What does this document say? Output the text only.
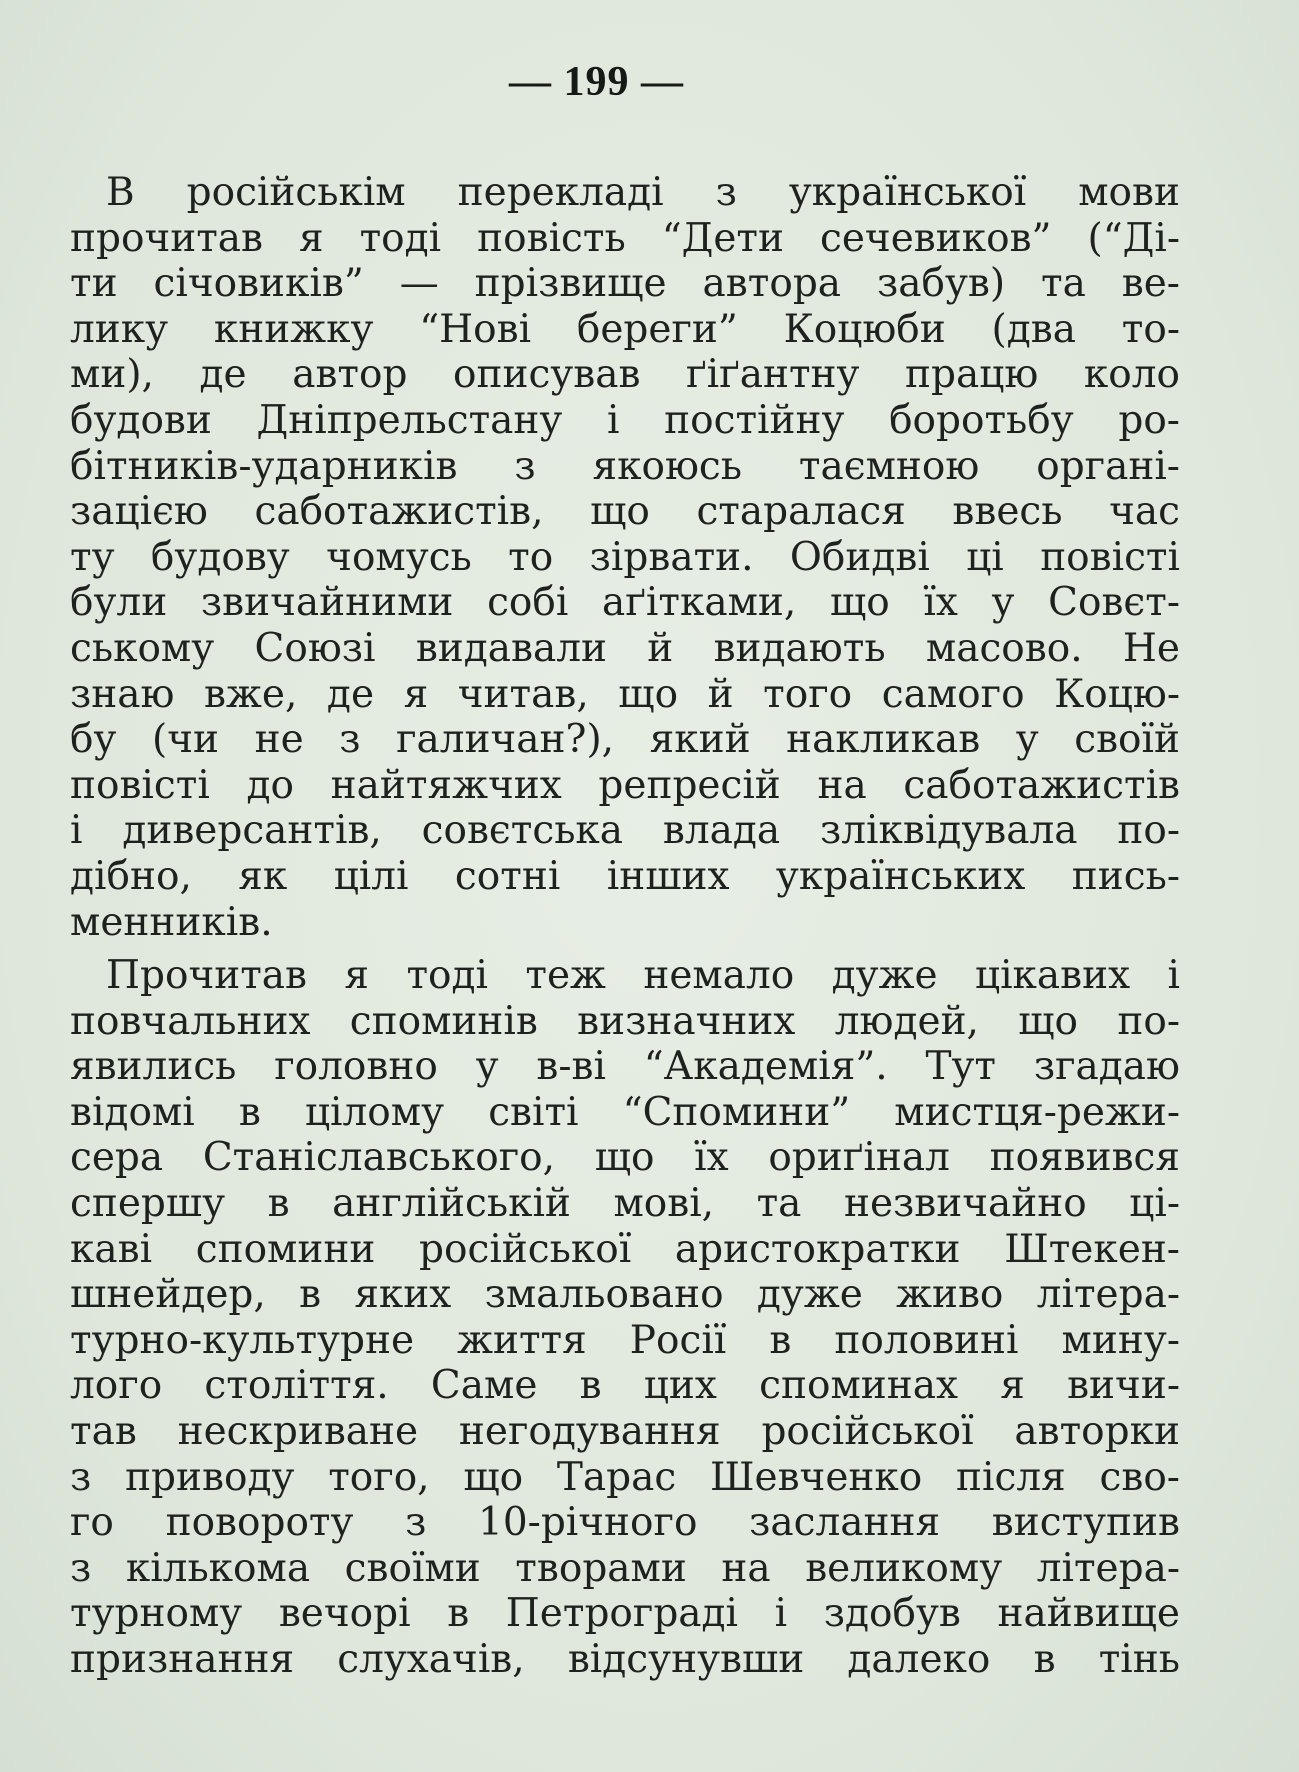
— 199 —
В російськім перекладі з української мови
прочитав я тоді повість “Дети сечевиков” (“Ді-
ти січовиків” — прізвище автора забув) та ве-
лику книжку “Нові береги” Коцюби (два то-
ми), де автор описував ґіґантну працю коло
будови Дніпрельстану і постійну боротьбу ро-
бітників-ударників з якоюсь таємною органі-
зацією саботажистів, що старалася ввесь час
ту будову чомусь то зірвати. Обидві ці повісті
були звичайними собі аґітками, що їх у Совєт-
ському Союзі видавали й видають масово. Не
знаю вже, де я читав, що й того самого Коцю-
бу (чи не з галичан?), який накликав у своїй
повісті до найтяжчих репресій на саботажистів
і диверсантів, совєтська влада зліквідувала по-
дібно, як цілі сотні інших українських пись-
менників.
Прочитав я тоді теж немало дуже цікавих і
повчальних споминів визначних людей, що по-
явились головно у в-ві “Академія”. Тут згадаю
відомі в цілому світі “Спомини” мистця-режи-
сера Станіславського, що їх ориґінал появився
спершу в англійській мові, та незвичайно ці-
каві спомини російської аристократки Штекен-
шнейдер, в яких змальовано дуже живо літера-
турно-культурне життя Росії в половині мину-
лого століття. Саме в цих споминах я вичи-
тав нескриване негодування російської авторки
з приводу того, що Тарас Шевченко після сво-
го повороту з 10-річного заслання виступив
з кількома своїми творами на великому літера-
турному вечорі в Петрограді і здобув найвище
признання слухачів, відсунувши далеко в тінь
